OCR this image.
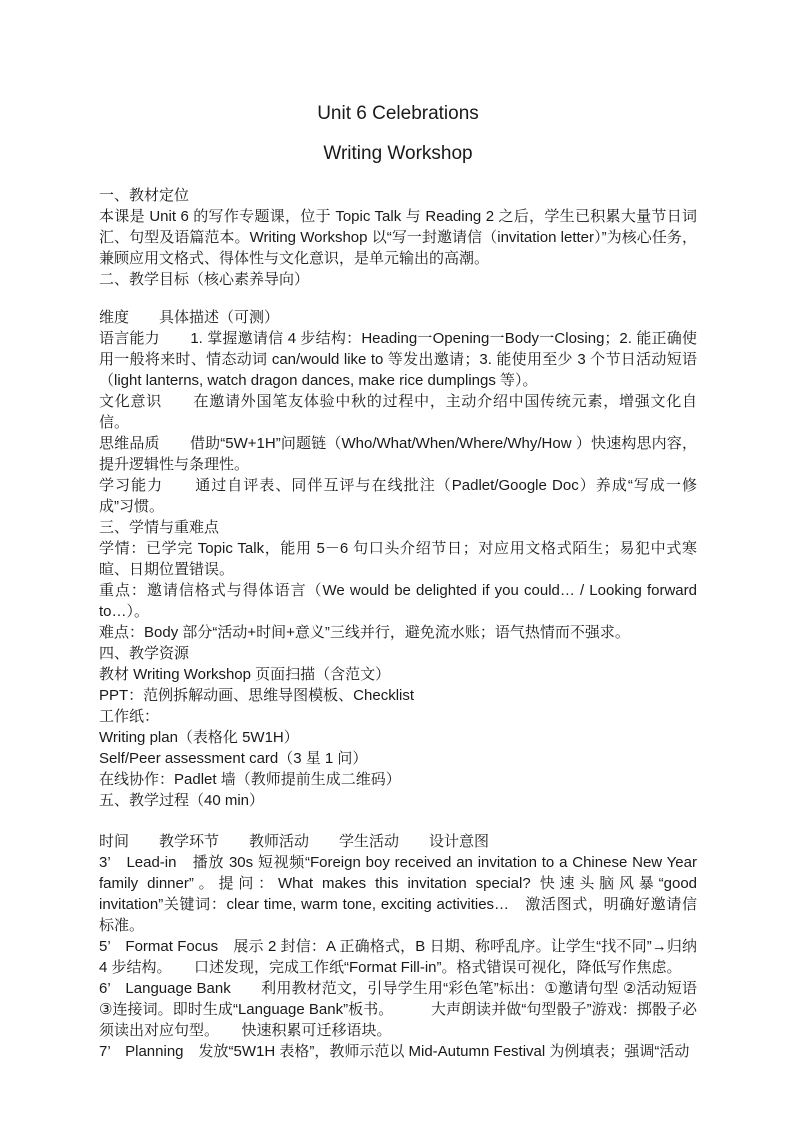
Unit 6 Celebrations

Writing Workshop

一、教材定位

本课是 Unit 6 的写作专题课，位于 Topic Talk 与 Reading 2 之后，学生已积累大量节日词汇、句型及语篇范本。Writing Workshop 以“写一封邀请信（invitation letter）”为核心任务，兼顾应用文格式、得体性与文化意识，是单元输出的高潮。

二、教学目标（核心素养导向）

维度　　具体描述（可测）

语言能力　　1. 掌握邀请信 4 步结构：Heading一Opening一Body一Closing；2. 能正确使用一般将来时、情态动词 can/would like to 等发出邀请；3. 能使用至少 3 个节日活动短语（light lanterns, watch dragon dances, make rice dumplings 等）。

文化意识　　在邀请外国笔友体验中秋的过程中，主动介绍中国传统元素，增强文化自信。

思维品质　　借助“5W+1H”问题链（Who/What/When/Where/Why/How ）快速构思内容，提升逻辑性与条理性。

学习能力　　通过自评表、同伴互评与在线批注（Padlet/Google Doc）养成“写成一修成”习惯。

三、学情与重难点

学情：已学完 Topic Talk，能用 5－6 句口头介绍节日；对应用文格式陌生；易犯中式寒暄、日期位置错误。

重点：邀请信格式与得体语言（We would be delighted if you could… / Looking forward to…）。

难点：Body 部分“活动+时间+意义”三线并行，避免流水账；语气热情而不强求。

四、教学资源

教材 Writing Workshop 页面扫描（含范文）

PPT：范例拆解动画、思维导图模板、Checklist

工作纸：

Writing plan（表格化 5W1H）

Self/Peer assessment card（3 星 1 问）

在线协作：Padlet 墙（教师提前生成二维码）

五、教学过程（40 min）

时间　　教学环节　　教师活动　　学生活动　　设计意图

3’　Lead-in　播放 30s 短视频“Foreign boy received an invitation to a Chinese New Year family dinner”。提问：What makes this invitation special? 快速头脑风暴“good invitation”关键词：clear time, warm tone, exciting activities…　激活图式，明确好邀请信标准。

5’　Format Focus　展示 2 封信：A 正确格式，B 日期、称呼乱序。让学生“找不同”→归纳 4 步结构。　　口述发现，完成工作纸“Format Fill-in”。格式错误可视化，降低写作焦虑。

6’　Language Bank　　利用教材范文，引导学生用“彩色笔”标出：①邀请句型 ②活动短语 ③连接词。即时生成“Language Bank”板书。　　　大声朗读并做“句型骰子”游戏：掷骰子必须读出对应句型。　　快速积累可迁移语块。

7’　Planning　发放“5W1H 表格”，教师示范以 Mid-Autumn Festival 为例填表；强调“活动
